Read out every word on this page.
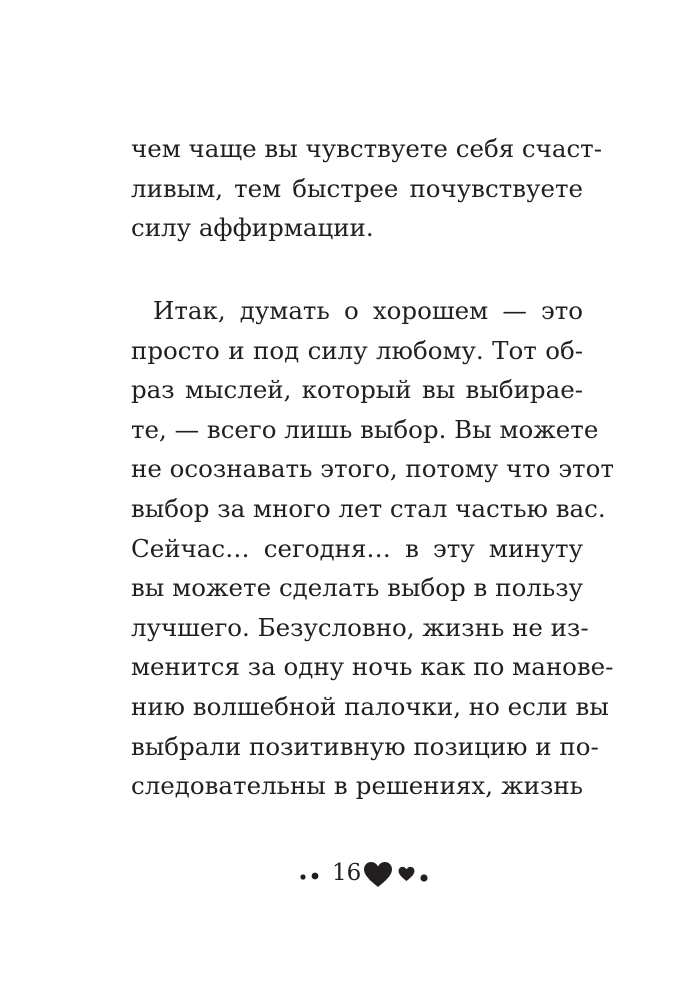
чем чаще вы чувствуете себя счаст-
ливым, тем быстрее почувствуете
силу аффирмации.
Итак, думать о хорошем — это
просто и под силу любому. Тот об-
раз мыслей, который вы выбирае-
те, — всего лишь выбор. Вы можете
не осознавать этого, потому что этот
выбор за много лет стал частью вас.
Сейчас… сегодня… в эту минуту
вы можете сделать выбор в пользу
лучшего. Безусловно, жизнь не из-
менится за одну ночь как по манове-
нию волшебной палочки, но если вы
выбрали позитивную позицию и по-
следовательны в решениях, жизнь
16
